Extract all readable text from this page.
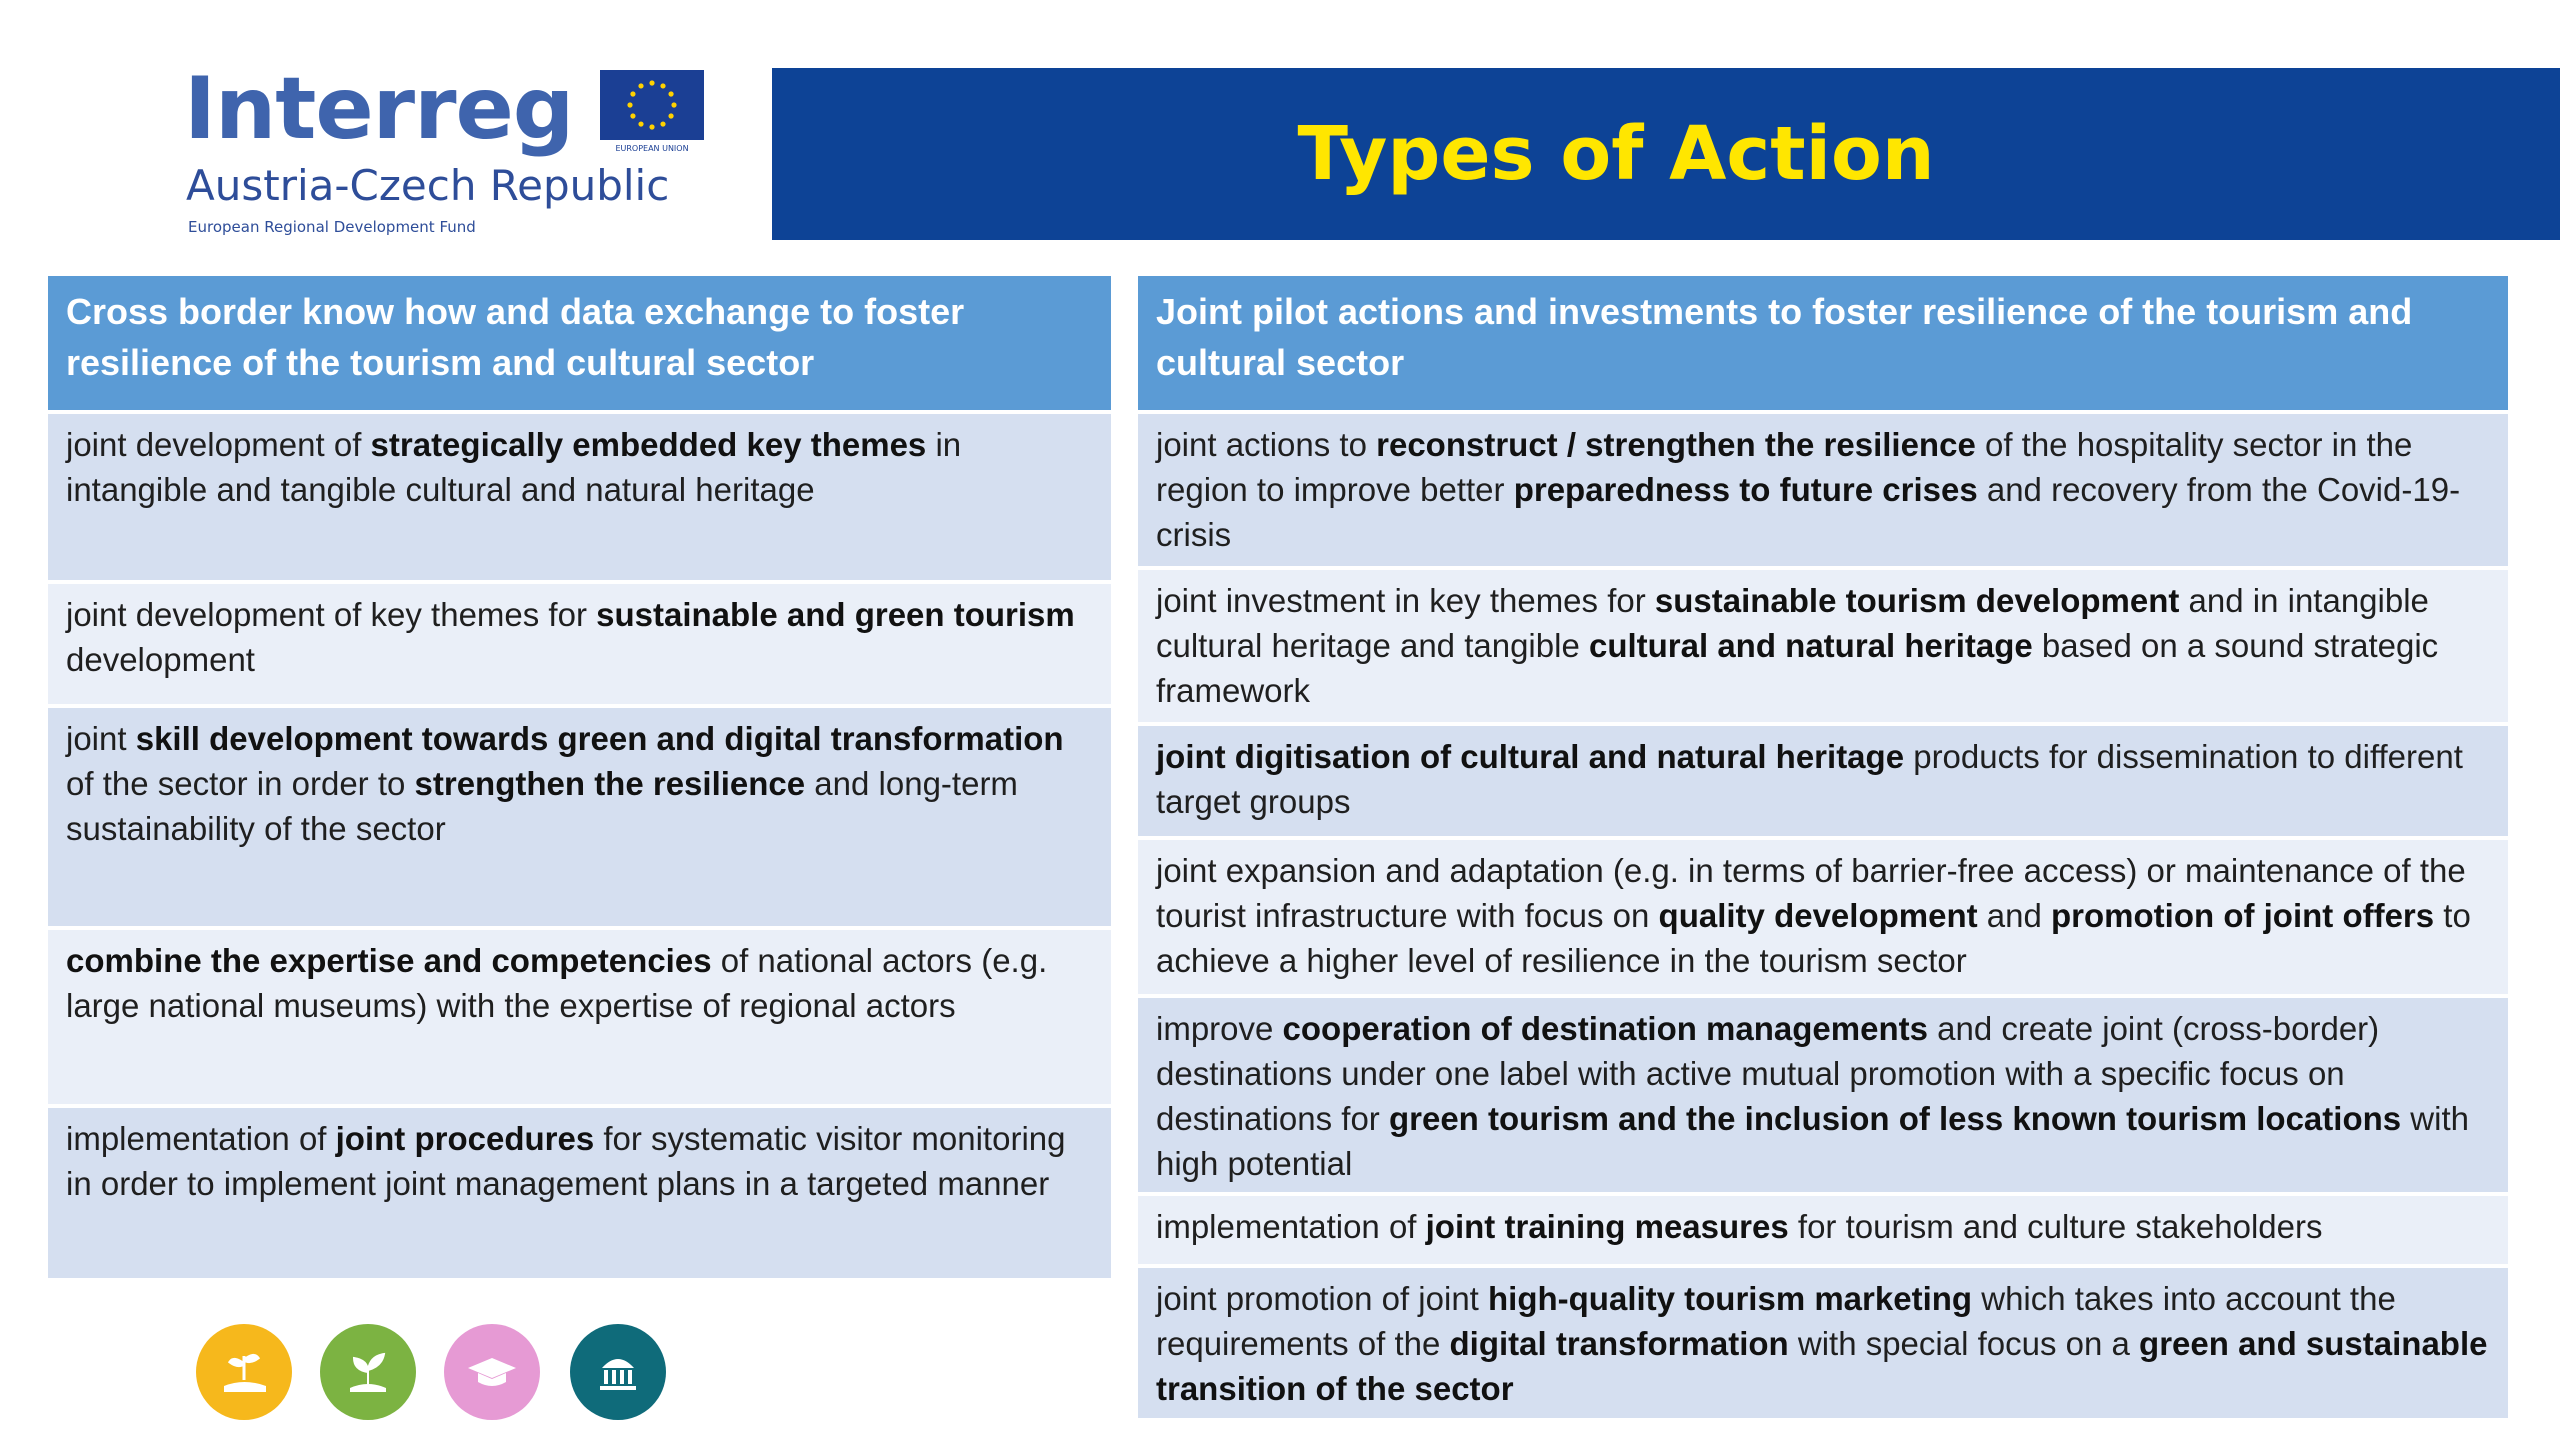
Interreg	EUROPEAN UNION
Austria-Czech Republic
European Regional Development Fund
Types of Action
Cross border know how and data exchange to foster resilience of the tourism and cultural sector
joint development of strategically embedded key themes in intangible and tangible cultural and natural heritage
joint development of key themes for sustainable and green tourism development
joint skill development towards green and digital transformation of the sector in order to strengthen the resilience and long-term sustainability of the sector
combine the expertise and competencies of national actors (e.g. large national museums) with the expertise of regional actors
implementation of joint procedures for systematic visitor monitoring in order to implement joint management plans in a targeted manner
Joint pilot actions and investments to foster resilience of the tourism and cultural sector
joint actions to reconstruct / strengthen the resilience of the hospitality sector in the region to improve better preparedness to future crises and recovery from the Covid-19-crisis
joint investment in key themes for sustainable tourism development and in intangible cultural heritage and tangible cultural and natural heritage based on a sound strategic framework
joint digitisation of cultural and natural heritage products for dissemination to different target groups
joint expansion and adaptation (e.g. in terms of barrier-free access) or maintenance of the tourist infrastructure with focus on quality development and promotion of joint offers to achieve a higher level of resilience in the tourism sector
improve cooperation of destination managements and create joint (cross-border) destinations under one label with active mutual promotion with a specific focus on destinations for green tourism and the inclusion of less known tourism locations with high potential
implementation of joint training measures for tourism and culture stakeholders
joint promotion of joint high-quality tourism marketing which takes into account the requirements of the digital transformation with special focus on a green and sustainable transition of the sector
